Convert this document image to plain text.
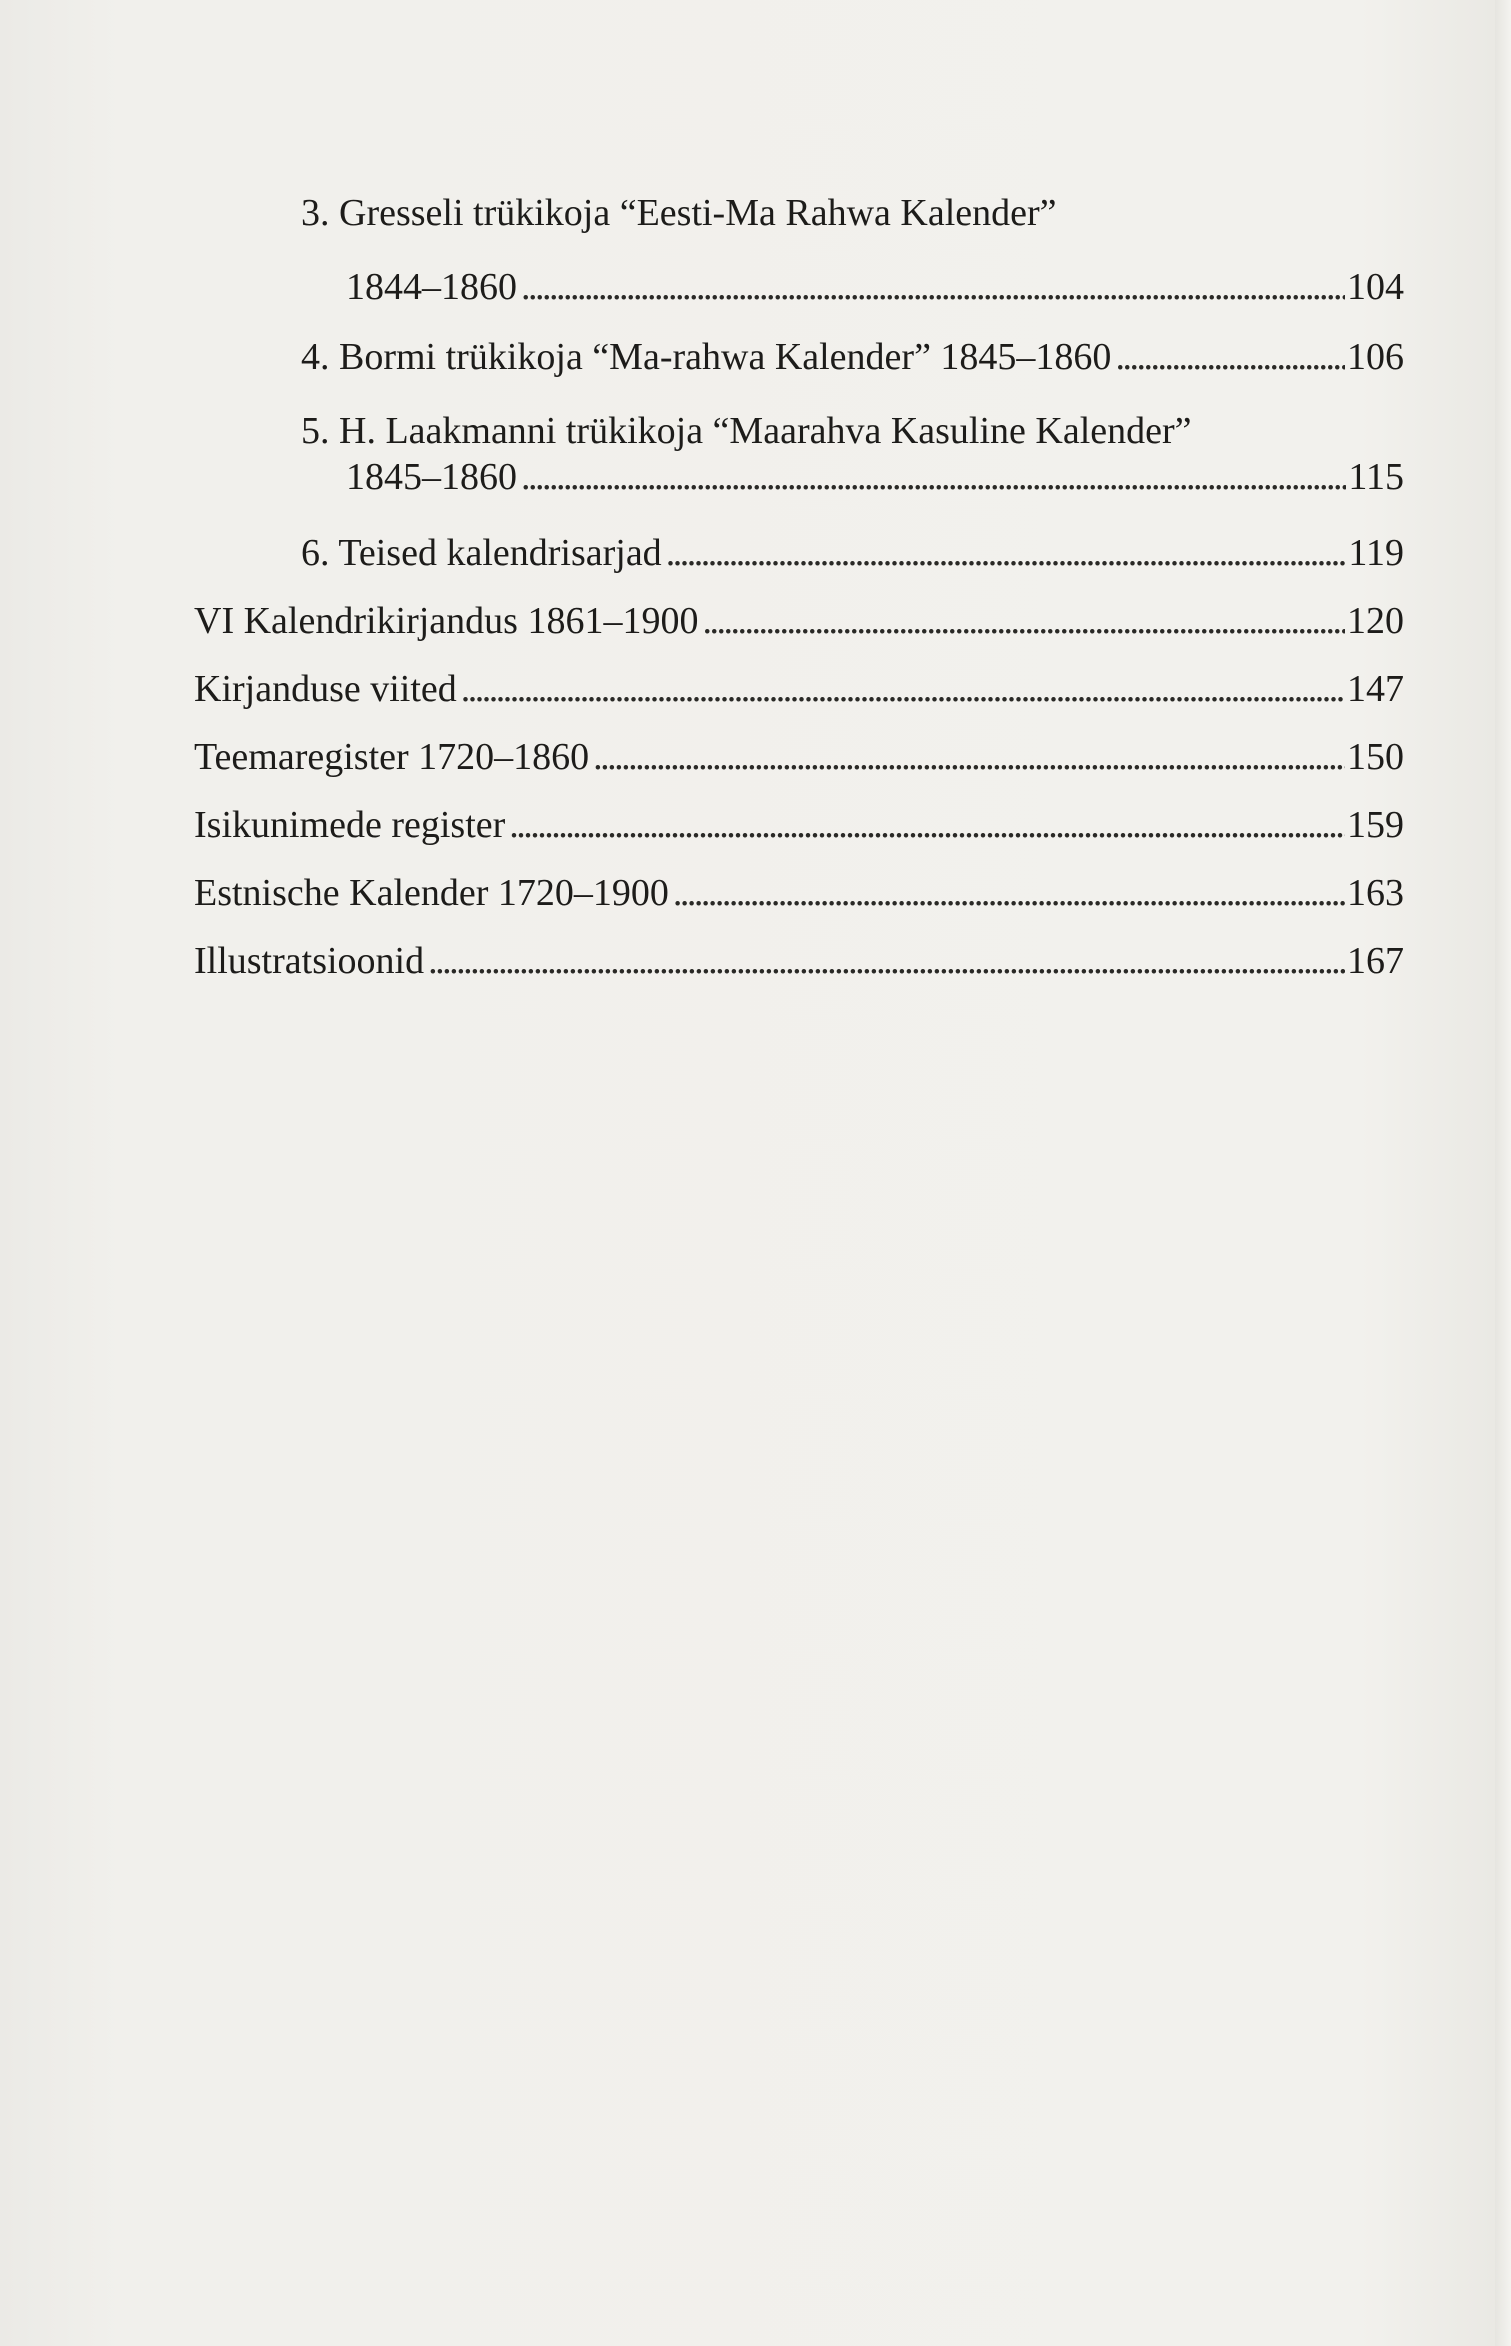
3. Gresseli trükikoja “Eesti-Ma Rahwa Kalender”
1844–1860 . . .	104
4. Bormi trükikoja “Ma-rahwa Kalender” 1845–1860 . . .	106
5. H. Laakmanni trükikoja “Maarahva Kasuline Kalender”
1845–1860 . . .	115
6. Teised kalendrisarjad . . .	119
VI Kalendrikirjandus 1861–1900 . . .	120
Kirjanduse viited . . .	147
Teemaregister 1720–1860 . . .	150
Isikunimede register . . .	159
Estnische Kalender 1720–1900 . . .	163
Illustratsioonid . . .	167
